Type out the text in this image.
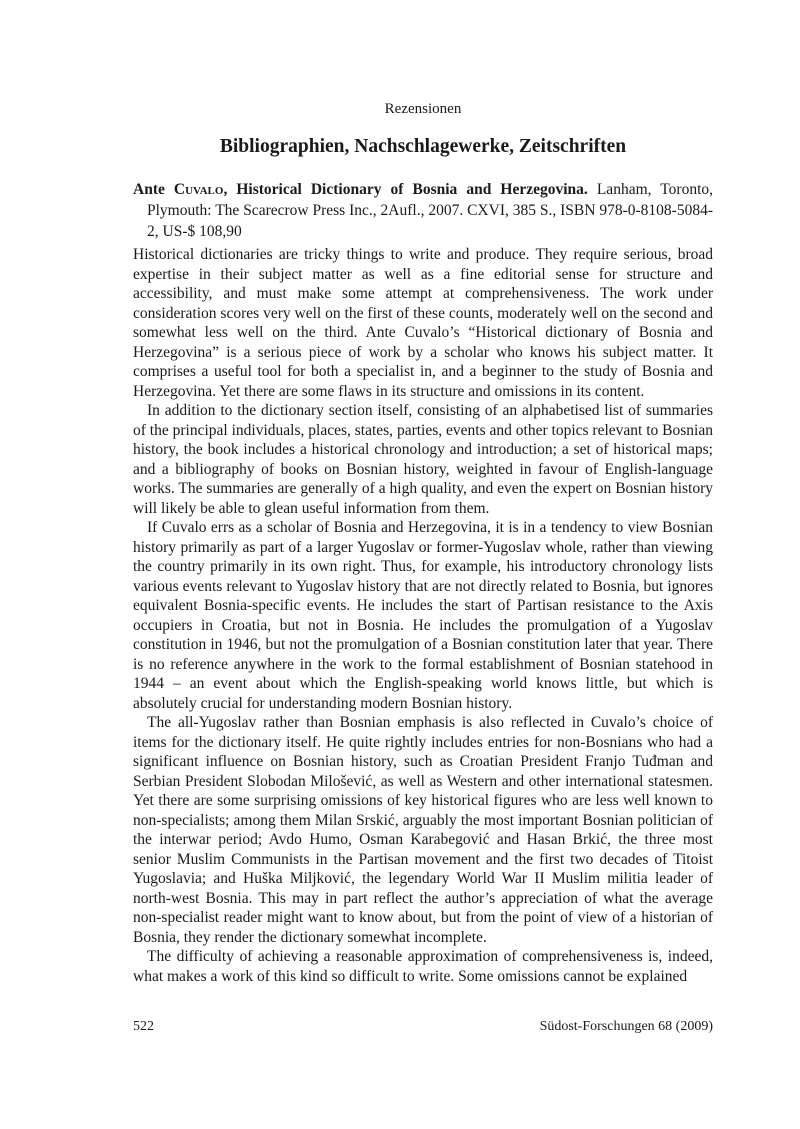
Rezensionen
Bibliographien, Nachschlagewerke, Zeitschriften
Ante Cuvalo, Historical Dictionary of Bosnia and Herzegovina. Lanham, Toronto, Plymouth: The Scarecrow Press Inc., 2Aufl., 2007. CXVI, 385 S., ISBN 978-0-8108-5084-2, US-$ 108,90

Historical dictionaries are tricky things to write and produce. They require serious, broad expertise in their subject matter as well as a fine editorial sense for structure and accessibility, and must make some attempt at comprehensiveness. The work under consideration scores very well on the first of these counts, moderately well on the second and somewhat less well on the third. Ante Cuvalo’s “Historical dictionary of Bosnia and Herzegovina” is a serious piece of work by a scholar who knows his subject matter. It comprises a useful tool for both a specialist in, and a beginner to the study of Bosnia and Herzegovina. Yet there are some flaws in its structure and omissions in its content.

In addition to the dictionary section itself, consisting of an alphabetised list of summaries of the principal individuals, places, states, parties, events and other topics relevant to Bosnian history, the book includes a historical chronology and introduction; a set of historical maps; and a bibliography of books on Bosnian history, weighted in favour of English-language works. The summaries are generally of a high quality, and even the expert on Bosnian history will likely be able to glean useful information from them.

If Cuvalo errs as a scholar of Bosnia and Herzegovina, it is in a tendency to view Bosnian history primarily as part of a larger Yugoslav or former-Yugoslav whole, rather than viewing the country primarily in its own right. Thus, for example, his introductory chronology lists various events relevant to Yugoslav history that are not directly related to Bosnia, but ignores equivalent Bosnia-specific events. He includes the start of Partisan resistance to the Axis occupiers in Croatia, but not in Bosnia. He includes the promulgation of a Yugoslav constitution in 1946, but not the promulgation of a Bosnian constitution later that year. There is no reference anywhere in the work to the formal establishment of Bosnian statehood in 1944 – an event about which the English-speaking world knows little, but which is absolutely crucial for understanding modern Bosnian history.

The all-Yugoslav rather than Bosnian emphasis is also reflected in Cuvalo’s choice of items for the dictionary itself. He quite rightly includes entries for non-Bosnians who had a significant influence on Bosnian history, such as Croatian President Franjo Tuđman and Serbian President Slobodan Milošević, as well as Western and other international statesmen. Yet there are some surprising omissions of key historical figures who are less well known to non-specialists; among them Milan Srskić, arguably the most important Bosnian politician of the interwar period; Avdo Humo, Osman Karabegović and Hasan Brkić, the three most senior Muslim Communists in the Partisan movement and the first two decades of Titoist Yugoslavia; and Huška Miljković, the legendary World War II Muslim militia leader of north-west Bosnia. This may in part reflect the author’s appreciation of what the average non-specialist reader might want to know about, but from the point of view of a historian of Bosnia, they render the dictionary somewhat incomplete.

The difficulty of achieving a reasonable approximation of comprehensiveness is, indeed, what makes a work of this kind so difficult to write. Some omissions cannot be explained

522	Südost-Forschungen 68 (2009)
